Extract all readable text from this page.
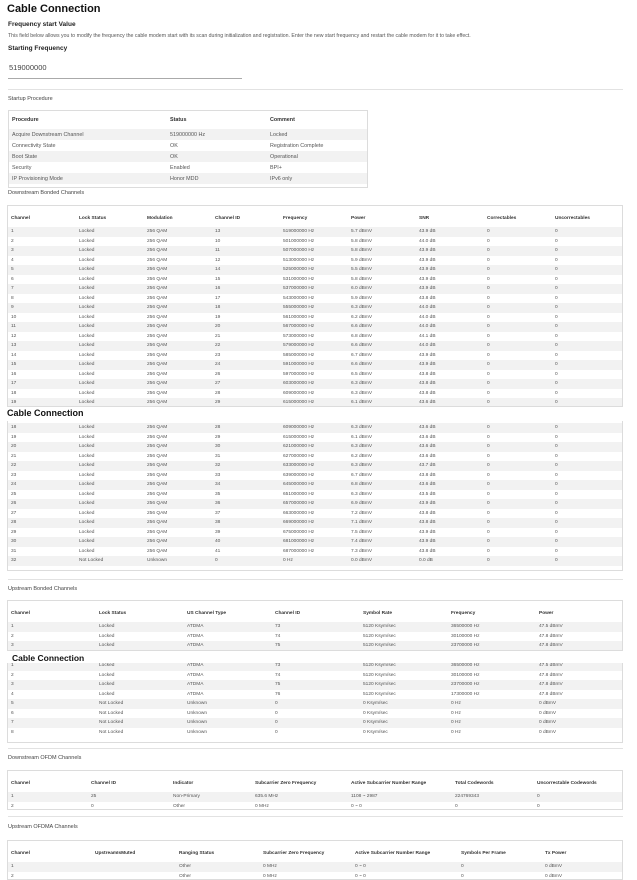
Cable Connection
Frequency start Value
This field below allows you to modify the frequency the cable modem start with its scan during initialization and registration. Enter the new start frequency and restart the cable modem for it to take effect.
Starting Frequency
519000000
Startup Procedure
Procedure	Status	Comment
Acquire Downstream Channel	519000000 Hz	Locked
Connectivity State	OK	Registration Complete
Boot State	OK	Operational
Security	Enabled	BPI+
IP Provisioning Mode	Honor MDD	IPv6 only
Downstream Bonded Channels
Channel	Lock Status	Modulation	Channel ID	Frequency	Power	SNR	Correctables	Uncorrectables
1	Locked	256 QAM	13	519000000 Hz	5.7 dBmV	43.9 dB	0	0
2	Locked	256 QAM	10	501000000 Hz	5.8 dBmV	44.0 dB	0	0
3	Locked	256 QAM	11	507000000 Hz	5.8 dBmV	43.9 dB	0	0
4	Locked	256 QAM	12	513000000 Hz	5.9 dBmV	43.9 dB	0	0
5	Locked	256 QAM	14	525000000 Hz	5.5 dBmV	43.9 dB	0	0
6	Locked	256 QAM	15	531000000 Hz	5.8 dBmV	43.9 dB	0	0
7	Locked	256 QAM	16	537000000 Hz	6.0 dBmV	43.9 dB	0	0
8	Locked	256 QAM	17	543000000 Hz	5.9 dBmV	43.8 dB	0	0
9	Locked	256 QAM	18	555000000 Hz	6.3 dBmV	44.0 dB	0	0
10	Locked	256 QAM	19	561000000 Hz	6.2 dBmV	44.0 dB	0	0
11	Locked	256 QAM	20	567000000 Hz	6.6 dBmV	44.0 dB	0	0
12	Locked	256 QAM	21	573000000 Hz	6.8 dBmV	44.1 dB	0	0
13	Locked	256 QAM	22	579000000 Hz	6.6 dBmV	44.0 dB	0	0
14	Locked	256 QAM	23	585000000 Hz	6.7 dBmV	43.9 dB	0	0
15	Locked	256 QAM	24	591000000 Hz	6.6 dBmV	43.9 dB	0	0
16	Locked	256 QAM	26	597000000 Hz	6.5 dBmV	43.8 dB	0	0
17	Locked	256 QAM	27	603000000 Hz	6.3 dBmV	43.8 dB	0	0
18	Locked	256 QAM	28	609000000 Hz	6.3 dBmV	43.8 dB	0	0
19	Locked	256 QAM	29	615000000 Hz	6.1 dBmV	43.6 dB	0	0
Cable Connection
18	Locked	256 QAM	28	609000000 Hz	6.3 dBmV	43.6 dB	0	0
19	Locked	256 QAM	29	615000000 Hz	6.1 dBmV	43.6 dB	0	0
20	Locked	256 QAM	30	621000000 Hz	6.3 dBmV	43.6 dB	0	0
21	Locked	256 QAM	31	627000000 Hz	6.2 dBmV	43.6 dB	0	0
22	Locked	256 QAM	32	633000000 Hz	6.3 dBmV	43.7 dB	0	0
23	Locked	256 QAM	33	639000000 Hz	6.7 dBmV	43.8 dB	0	0
24	Locked	256 QAM	34	645000000 Hz	6.8 dBmV	43.6 dB	0	0
25	Locked	256 QAM	35	651000000 Hz	6.3 dBmV	43.5 dB	0	0
26	Locked	256 QAM	36	657000000 Hz	6.9 dBmV	43.9 dB	0	0
27	Locked	256 QAM	37	663000000 Hz	7.2 dBmV	43.8 dB	0	0
28	Locked	256 QAM	38	669000000 Hz	7.1 dBmV	43.8 dB	0	0
29	Locked	256 QAM	39	675000000 Hz	7.5 dBmV	43.9 dB	0	0
30	Locked	256 QAM	40	681000000 Hz	7.4 dBmV	43.9 dB	0	0
31	Locked	256 QAM	41	687000000 Hz	7.3 dBmV	43.8 dB	0	0
32	Not Locked	Unknown	0	0 Hz	0.0 dBmV	0.0 dB	0	0
Upstream Bonded Channels
Channel	Lock Status	US Channel Type	Channel ID	Symbol Rate	Frequency	Power
1	Locked	ATDMA	73	5120 Ksym/sec	36500000 Hz	47.5 dBmV
2	Locked	ATDMA	74	5120 Ksym/sec	30100000 Hz	47.8 dBmV
3	Locked	ATDMA	75	5120 Ksym/sec	23700000 Hz	47.8 dBmV
1	Locked	ATDMA	73	5120 Ksym/sec	36500000 Hz	47.5 dBmV
2	Locked	ATDMA	74	5120 Ksym/sec	30100000 Hz	47.8 dBmV
3	Locked	ATDMA	75	5120 Ksym/sec	23700000 Hz	47.8 dBmV
4	Locked	ATDMA	76	5120 Ksym/sec	17300000 Hz	47.8 dBmV
5	Not Locked	Unknown	0	0 Ksym/sec	0 Hz	0 dBmV
6	Not Locked	Unknown	0	0 Ksym/sec	0 Hz	0 dBmV
7	Not Locked	Unknown	0	0 Ksym/sec	0 Hz	0 dBmV
8	Not Locked	Unknown	0	0 Ksym/sec	0 Hz	0 dBmV
Cable Connection
Downstream OFDM Channels
Channel	Channel ID	Indicator	Subcarrier Zero Frequency	Active Subcarrier Number Range	Total Codewords	Uncorrectable Codewords
1	25	Non-Primary	635.6 MHz	1108 ~ 2987	224769343	0
2	0	Other	0 MHz	0 ~ 0	0	0
Upstream OFDMA Channels
Channel	UpstreamIsMuted	Ranging Status	Subcarrier Zero Frequency	Active Subcarrier Number Range	Symbols Per Frame	Tx Power
1		Other	0 MHz	0 ~ 0	0	0 dBmV
2		Other	0 MHz	0 ~ 0	0	0 dBmV
